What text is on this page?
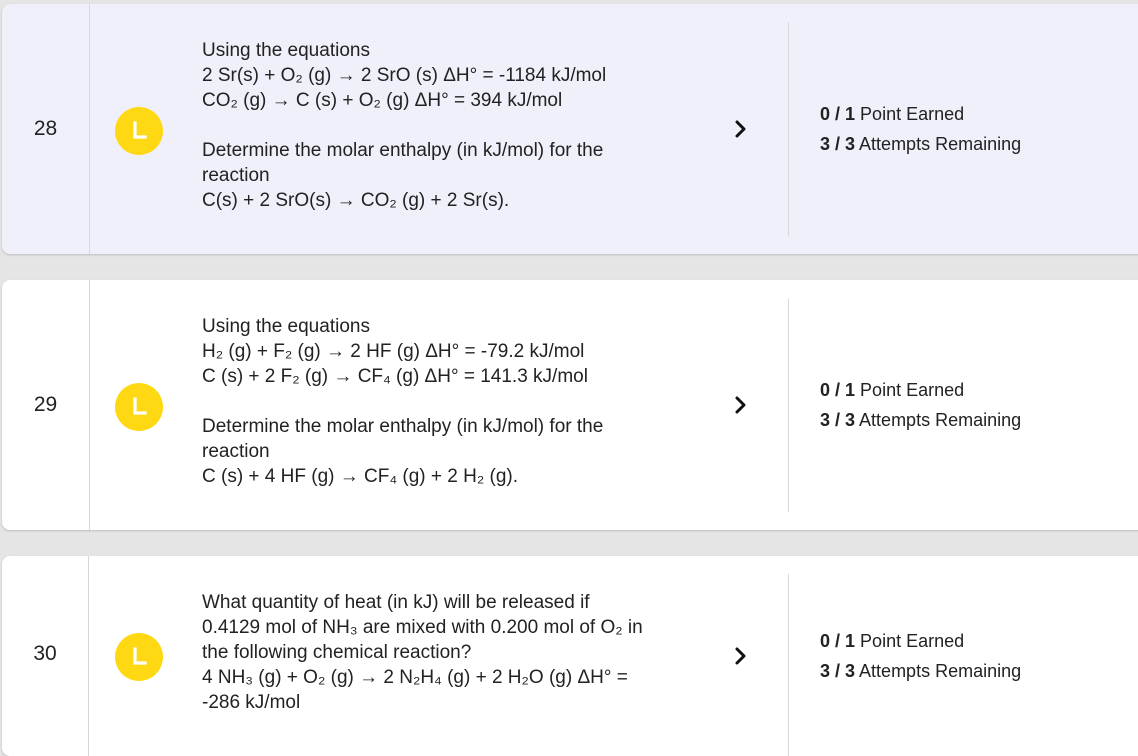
28
Using the equations
2 Sr(s) + O₂ (g) → 2 SrO (s) ΔH° = -1184 kJ/mol
CO₂ (g) → C (s) + O₂ (g) ΔH° = 394 kJ/mol
Determine the molar enthalpy (in kJ/mol) for the
reaction
C(s) + 2 SrO(s) → CO₂ (g) + 2 Sr(s).
0 / 1 Point Earned
3 / 3 Attempts Remaining
29
Using the equations
H₂ (g) + F₂ (g) → 2 HF (g) ΔH° = -79.2 kJ/mol
C (s) + 2 F₂ (g) → CF₄ (g) ΔH° = 141.3 kJ/mol
Determine the molar enthalpy (in kJ/mol) for the
reaction
C (s) + 4 HF (g) → CF₄ (g) + 2 H₂ (g).
0 / 1 Point Earned
3 / 3 Attempts Remaining
30
What quantity of heat (in kJ) will be released if
0.4129 mol of NH₃ are mixed with 0.200 mol of O₂ in
the following chemical reaction?
4 NH₃ (g) + O₂ (g) → 2 N₂H₄ (g) + 2 H₂O (g) ΔH° =
-286 kJ/mol
0 / 1 Point Earned
3 / 3 Attempts Remaining
